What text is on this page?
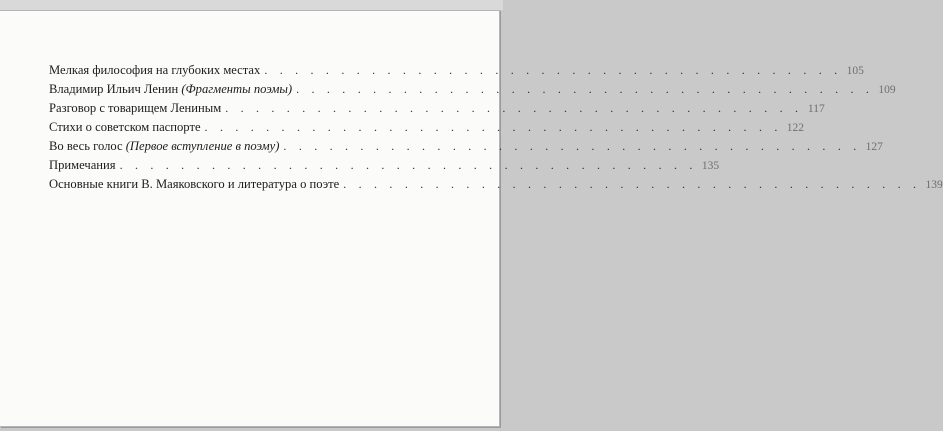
Мелкая философия на глубоких местах . . . . . . . . . . . . . . . . . . . . . . . . . . . . . . . . . . . . . . 105
Владимир Ильич Ленин (Фрагменты поэмы) . . . . . . . . . . . . . . . . . . . . . . . . . . . . . . . . . . . . . . 109
Разговор с товарищем Лениным . . . . . . . . . . . . . . . . . . . . . . . . . . . . . . . . . . . . . . 117
Стихи о советском паспорте . . . . . . . . . . . . . . . . . . . . . . . . . . . . . . . . . . . . . . 122
Во весь голос (Первое вступление в поэму) . . . . . . . . . . . . . . . . . . . . . . . . . . . . . . . . . . . . . . 127
Примечания . . . . . . . . . . . . . . . . . . . . . . . . . . . . . . . . . . . . . . 135
Основные книги В. Маяковского и литература о поэте . . . . . . . . . . . . . . . . . . . . . . . . . . . . . . . . . . . . . . 139
